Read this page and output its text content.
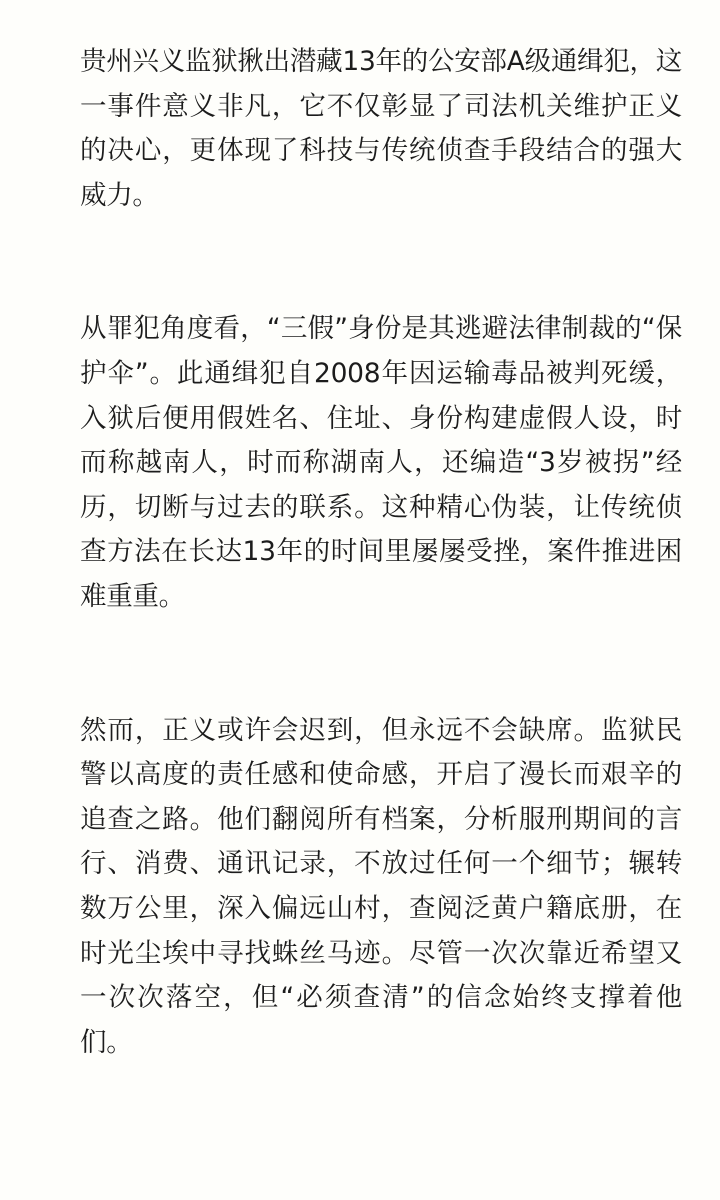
贵州兴义监狱揪出潜藏13年的公安部A级通缉犯，这一事件意义非凡，它不仅彰显了司法机关维护正义的决心，更体现了科技与传统侦查手段结合的强大威力。

从罪犯角度看，“三假”身份是其逃避法律制裁的“保护伞”。此通缉犯自2008年因运输毒品被判死缓，入狱后便用假姓名、住址、身份构建虚假人设，时而称越南人，时而称湖南人，还编造“3岁被拐”经历，切断与过去的联系。这种精心伪装，让传统侦查方法在长达13年的时间里屡屡受挫，案件推进困难重重。

然而，正义或许会迟到，但永远不会缺席。监狱民警以高度的责任感和使命感，开启了漫长而艰辛的追查之路。他们翻阅所有档案，分析服刑期间的言行、消费、通讯记录，不放过任何一个细节；辗转数万公里，深入偏远山村，查阅泛黄户籍底册，在时光尘埃中寻找蛛丝马迹。尽管一次次靠近希望又一次次落空，但“必须查清”的信念始终支撑着他们。
